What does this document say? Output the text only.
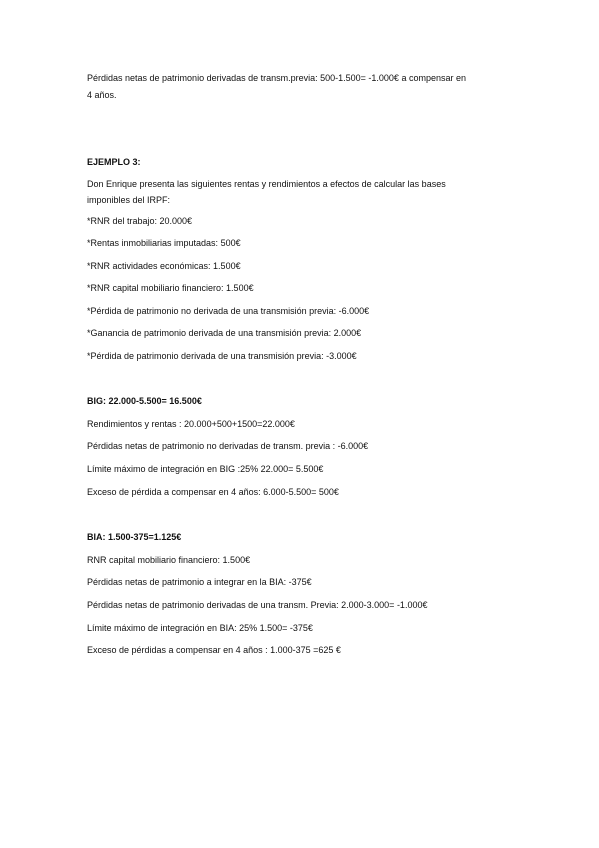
Pérdidas netas de patrimonio derivadas de transm.previa: 500-1.500= -1.000€ a compensar en

4 años.

EJEMPLO 3:

Don Enrique presenta las siguientes rentas y rendimientos a efectos de calcular las bases

imponibles del IRPF:

*RNR del trabajo: 20.000€

*Rentas inmobiliarias imputadas: 500€

*RNR actividades económicas: 1.500€

*RNR capital mobiliario financiero: 1.500€

*Pérdida de patrimonio no derivada de una transmisión previa: -6.000€

*Ganancia de patrimonio derivada de una transmisión previa: 2.000€

*Pérdida de patrimonio derivada de una transmisión previa: -3.000€

BIG: 22.000-5.500= 16.500€

Rendimientos y rentas : 20.000+500+1500=22.000€

Pérdidas netas de patrimonio no derivadas de transm. previa : -6.000€

Límite máximo de integración en BIG :25% 22.000= 5.500€

Exceso de pérdida a compensar en 4 años: 6.000-5.500= 500€

BIA: 1.500-375=1.125€

RNR capital mobiliario financiero: 1.500€

Pérdidas netas de patrimonio a integrar en la BIA: -375€

Pérdidas netas de patrimonio derivadas de una transm. Previa: 2.000-3.000= -1.000€

Límite máximo de integración en BIA: 25% 1.500= -375€

Exceso de pérdidas a compensar en 4 años : 1.000-375 =625 €
